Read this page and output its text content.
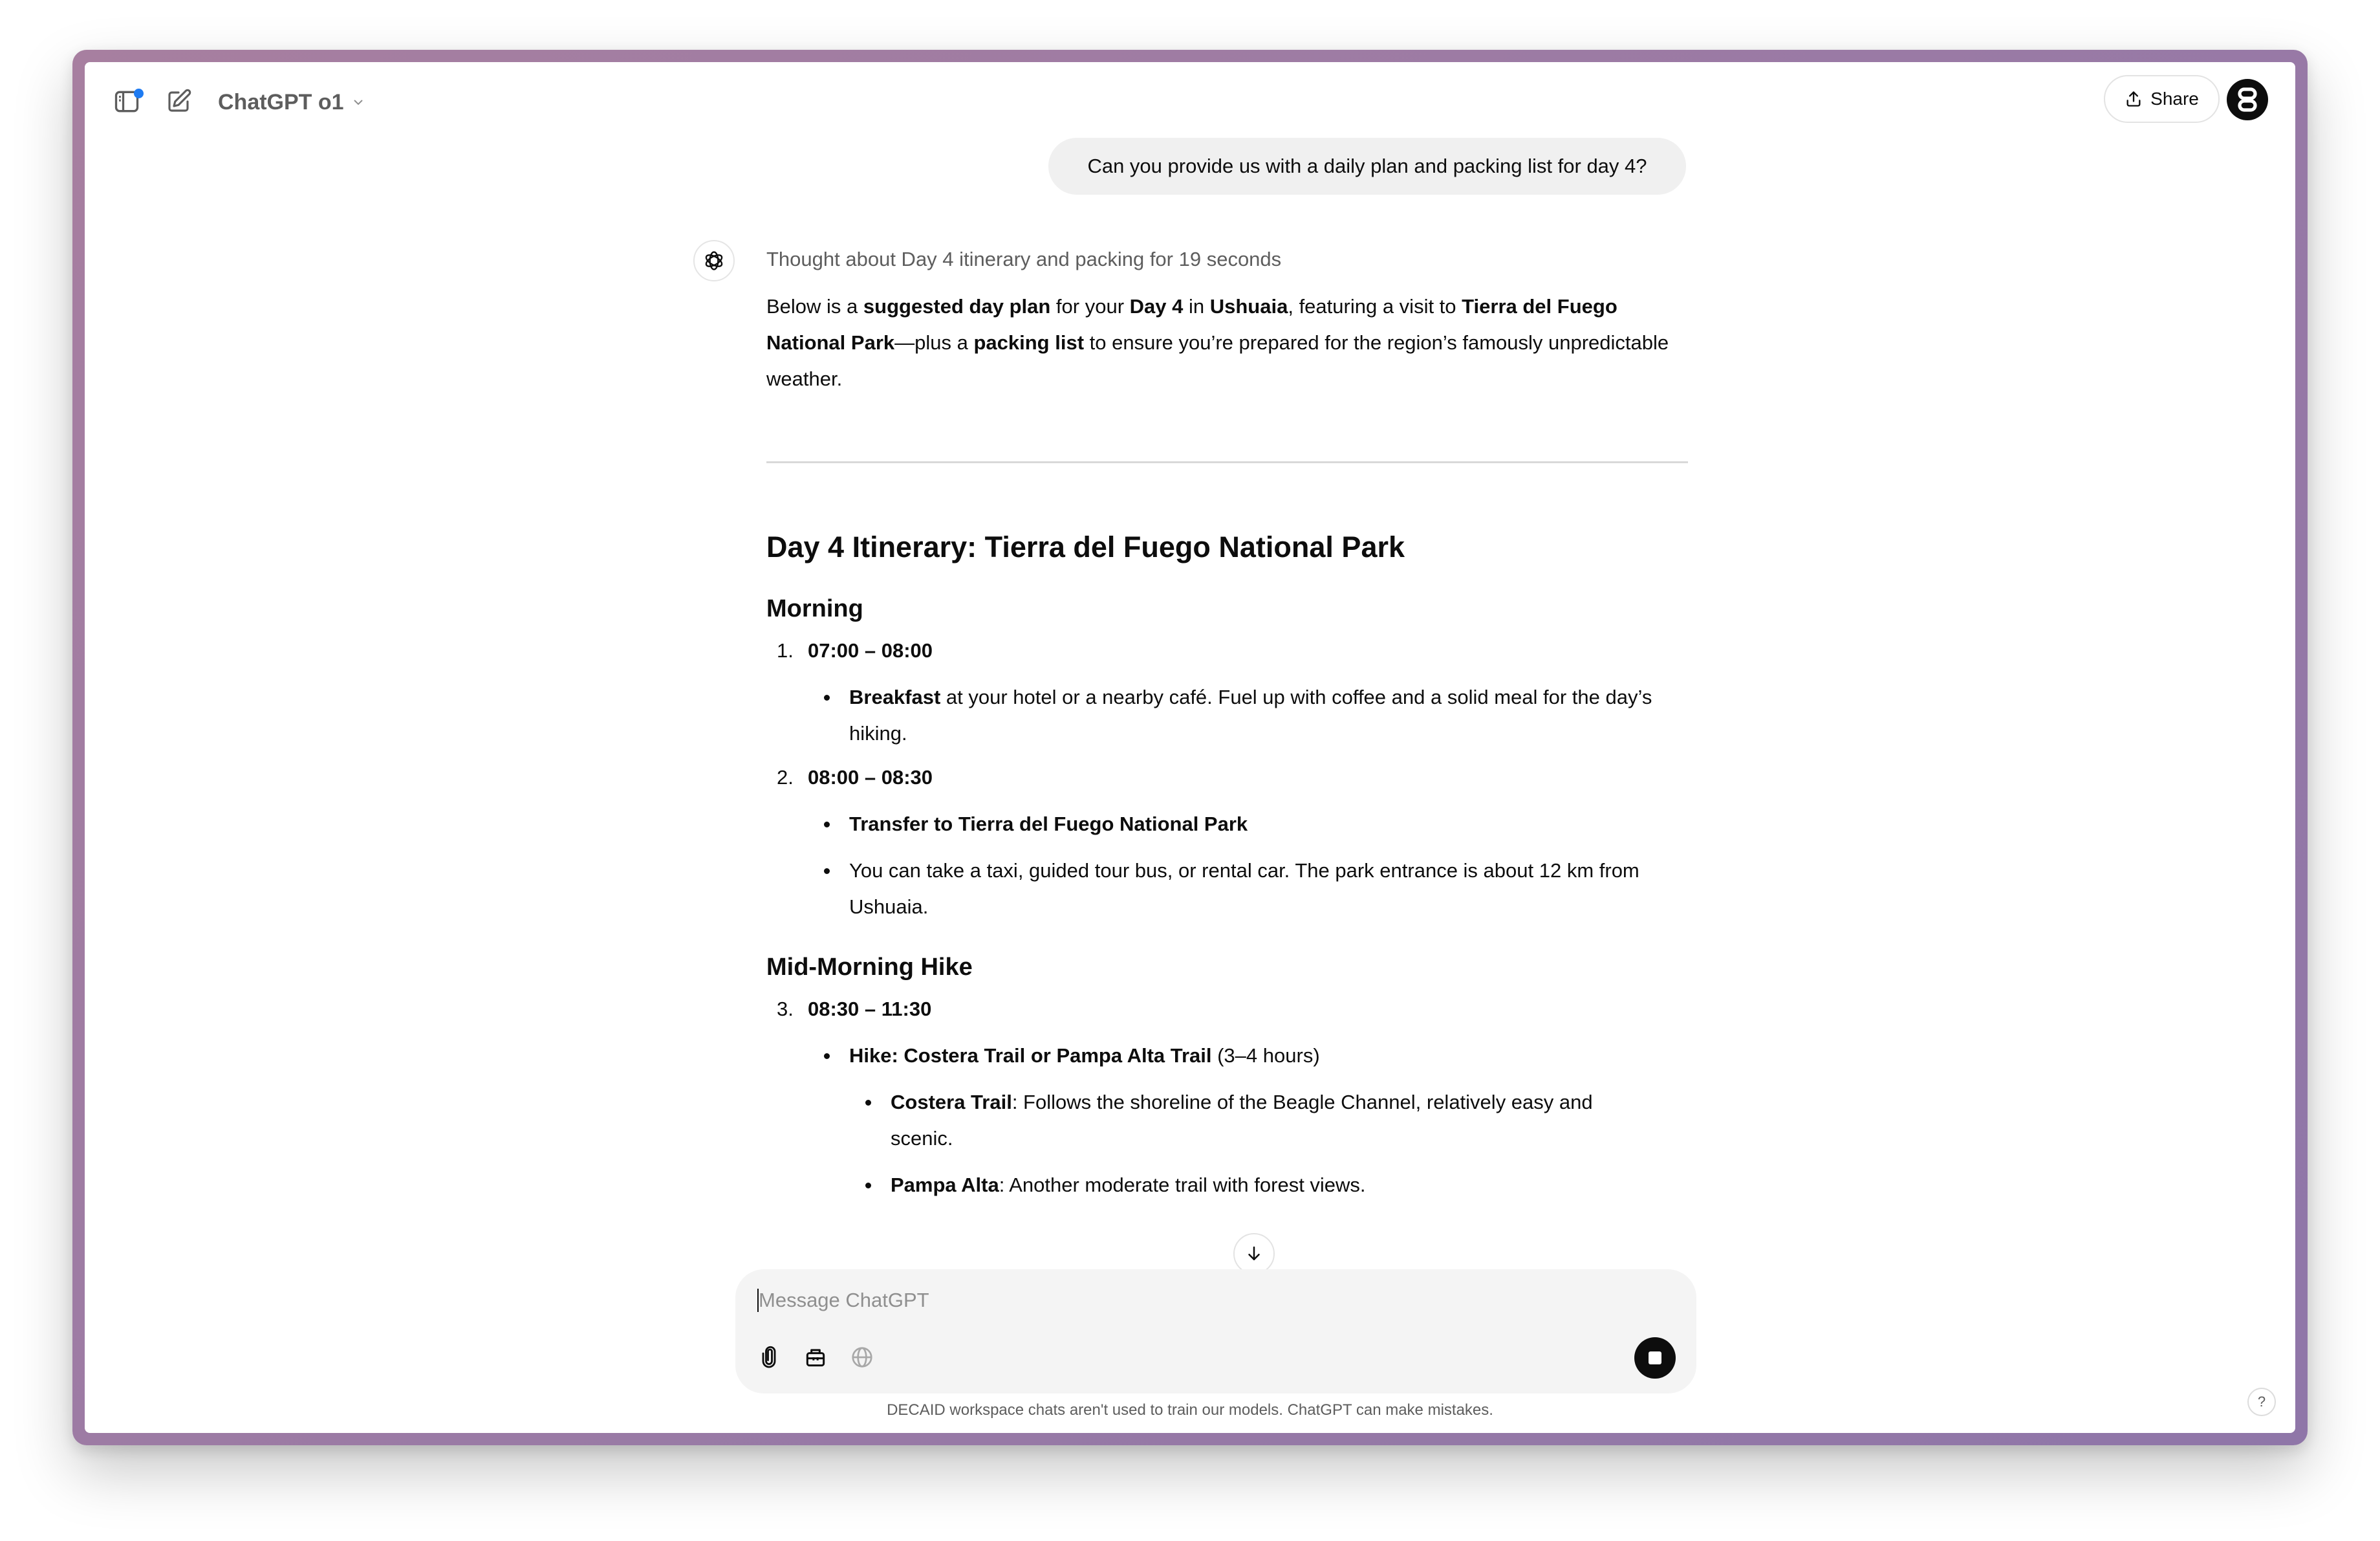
ChatGPT o1	Share
Can you provide us with a daily plan and packing list for day 4?
Thought about Day 4 itinerary and packing for 19 seconds

Below is a suggested day plan for your Day 4 in Ushuaia, featuring a visit to Tierra del Fuego National Park—plus a packing list to ensure you’re prepared for the region’s famously unpredictable weather.

Day 4 Itinerary: Tierra del Fuego National Park
Morning
1. 07:00 – 08:00
Breakfast at your hotel or a nearby café. Fuel up with coffee and a solid meal for the day’s hiking.
2. 08:00 – 08:30
Transfer to Tierra del Fuego National Park
You can take a taxi, guided tour bus, or rental car. The park entrance is about 12 km from Ushuaia.
Mid-Morning Hike
3. 08:30 – 11:30
Hike: Costera Trail or Pampa Alta Trail (3–4 hours)
Costera Trail: Follows the shoreline of the Beagle Channel, relatively easy and scenic.
Pampa Alta: Another moderate trail with forest views.
Message ChatGPT
DECAID workspace chats aren't used to train our models. ChatGPT can make mistakes.	?
